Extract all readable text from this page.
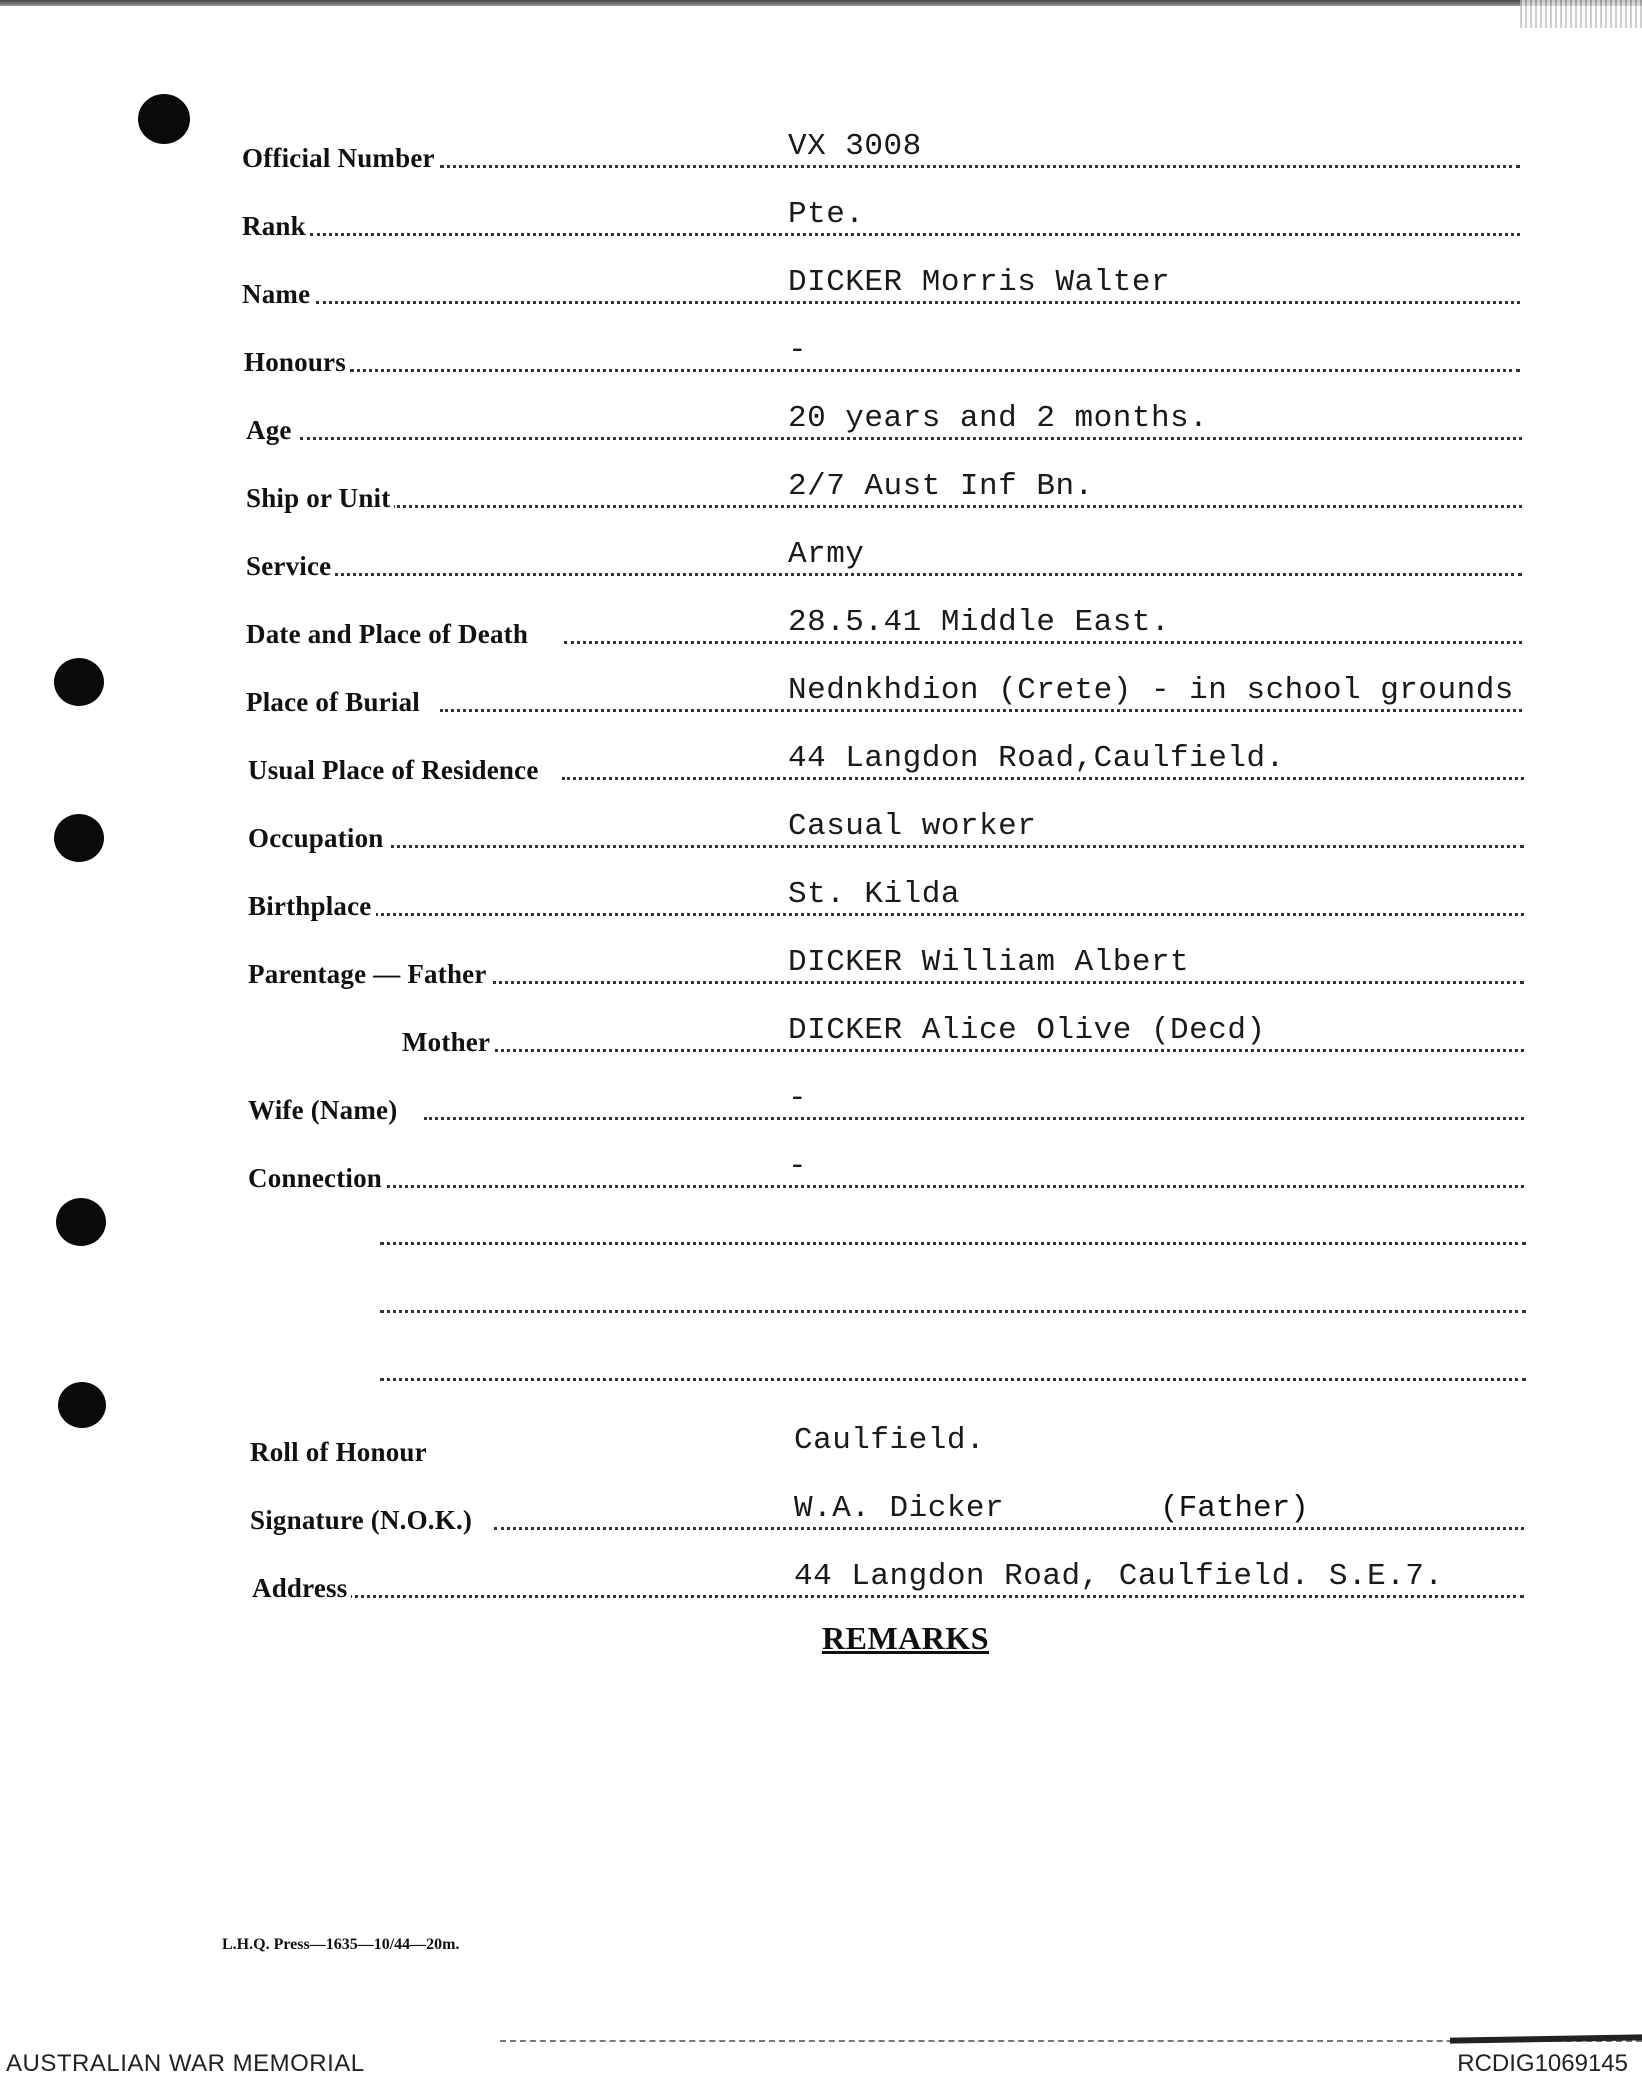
Official Number	VX 3008
Rank	Pte.
Name	DICKER Morris Walter
Honours	-
Age	20 years and 2 months.
Ship or Unit	2/7 Aust Inf Bn.
Service	Army
Date and Place of Death	28.5.41 Middle East.
Place of Burial	Nednkhdion (Crete) - in school grounds
Usual Place of Residence	44 Langdon Road,Caulfield.
Occupation	Casual worker
Birthplace	St. Kilda
Parentage — Father	DICKER William Albert
Mother	DICKER Alice Olive (Decd)
Wife (Name)	-
Connection	-
Roll of Honour	Caulfield.
Signature (N.O.K.)	W.A. Dicker	(Father)
Address	44 Langdon Road, Caulfield. S.E.7.
REMARKS
L.H.Q. Press—1635—10/44—20m.
AUSTRALIAN WAR MEMORIAL	RCDIG1069145
